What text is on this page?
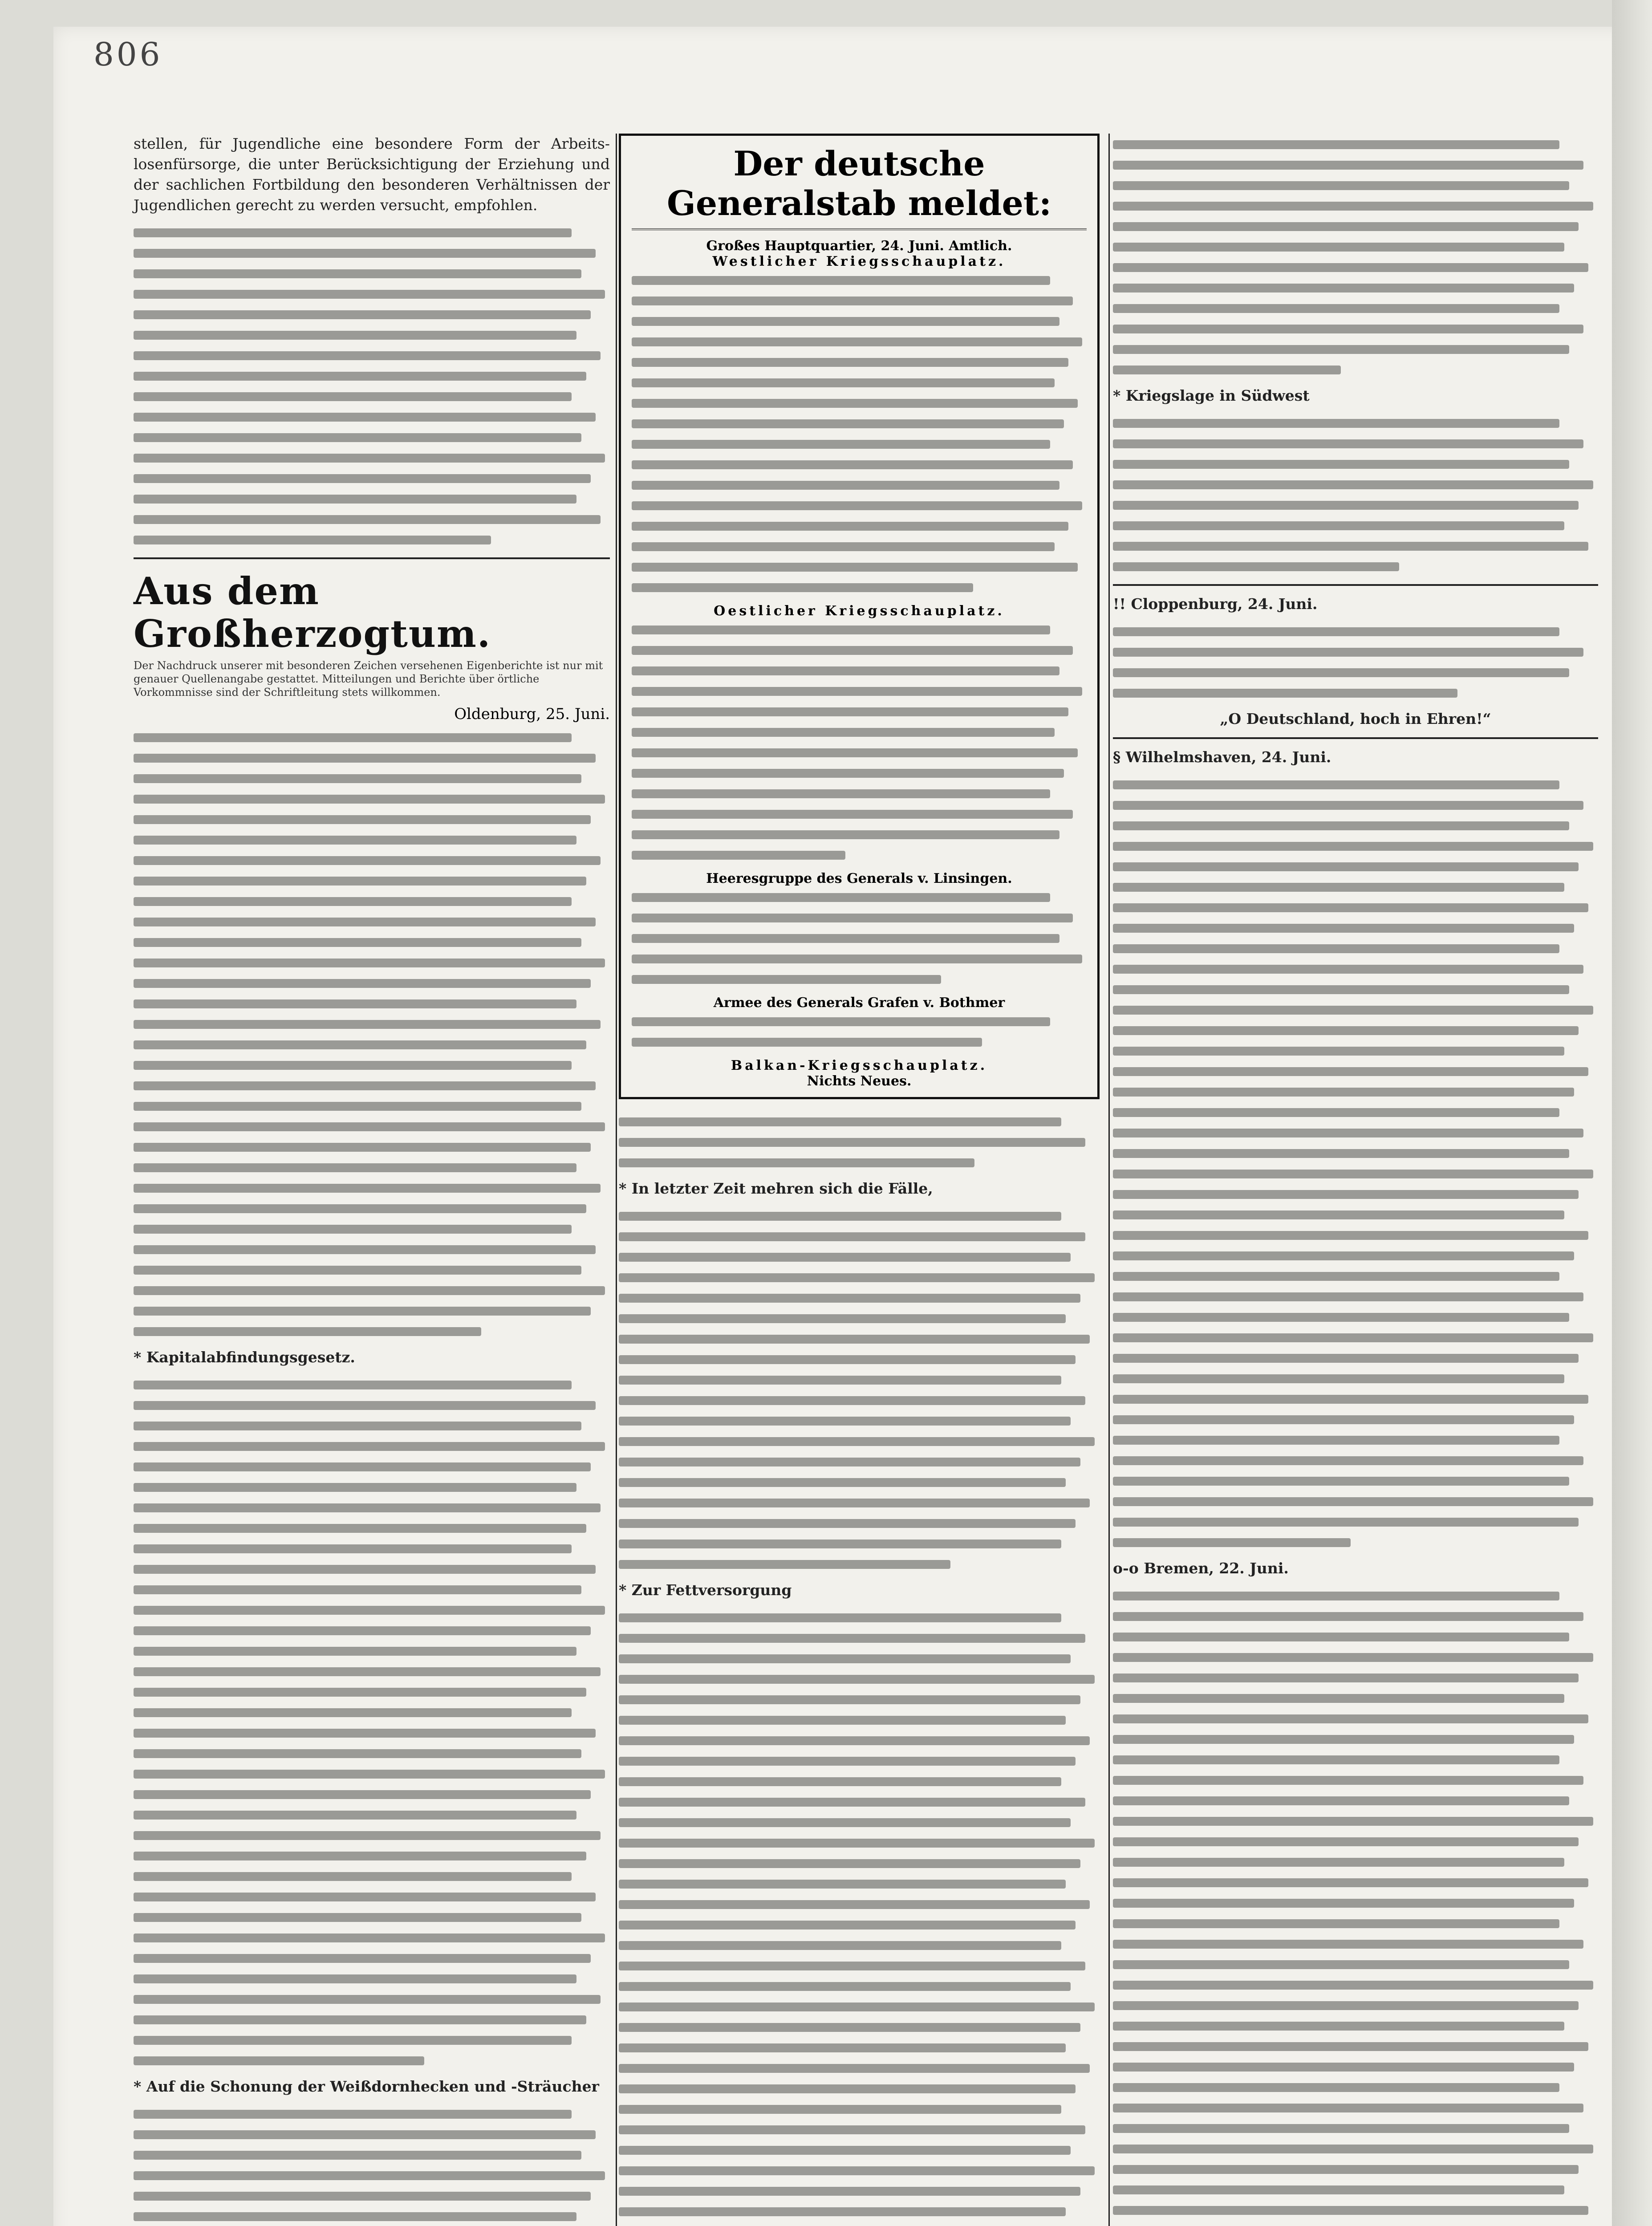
806

stellen, für Jugendliche eine besondere Form der Arbeits-losenfürsorge, die unter Berücksichtigung der Erziehung und der sachlichen Fortbildung den besonderen Verhältnissen der Jugendlichen gerecht zu werden versucht, empfohlen.

Aus dem Großherzogtum.
Der Nachdruck unserer mit besonderen Zeichen versehenen Eigenberichte ist nur mit genauer Quellenangabe gestattet. Mitteilungen und Berichte über örtliche Vorkommnisse sind der Schriftleitung stets willkommen.
Oldenburg, 25. Juni.

* Kapitalabfindungsgesetz.

* Auf die Schonung der Weißdornhecken und -Sträucher

Der deutsche Generalstab meldet:
Großes Hauptquartier, 24. Juni. Amtlich.
Westlicher Kriegsschauplatz.
Oestlicher Kriegsschauplatz.
Heeresgruppe des Generals v. Linsingen.
Armee des Generals Grafen v. Bothmer
Balkan-Kriegsschauplatz.
Nichts Neues.

* In letzter Zeit mehren sich die Fälle,

* Zur Fettversorgung

* Kriegslage in Südwest

!! Cloppenburg, 24. Juni.

„O Deutschland, hoch in Ehren!“

§ Wilhelmshaven, 24. Juni.

o-o Bremen, 22. Juni.
